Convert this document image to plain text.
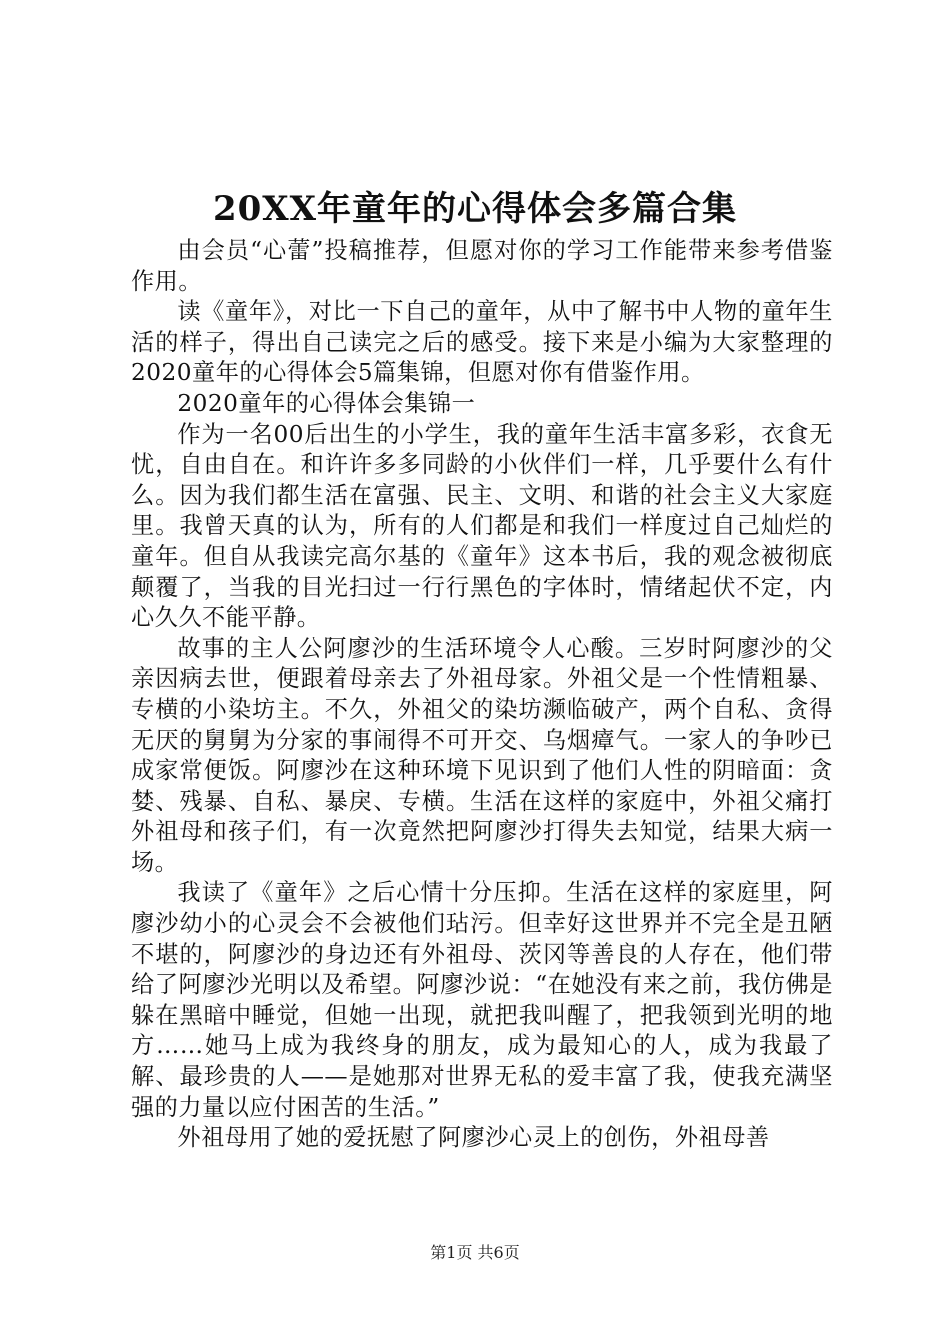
20XX年童年的心得体会多篇合集

由会员“心蕾”投稿推荐，但愿对你的学习工作能带来参考借鉴作用。

读《童年》，对比一下自己的童年，从中了解书中人物的童年生活的样子，得出自己读完之后的感受。接下来是小编为大家整理的2020童年的心得体会5篇集锦，但愿对你有借鉴作用。

2020童年的心得体会集锦一

作为一名00后出生的小学生，我的童年生活丰富多彩，衣食无忧，自由自在。和许许多多同龄的小伙伴们一样，几乎要什么有什么。因为我们都生活在富强、民主、文明、和谐的社会主义大家庭里。我曾天真的认为，所有的人们都是和我们一样度过自己灿烂的童年。但自从我读完高尔基的《童年》这本书后，我的观念被彻底颠覆了，当我的目光扫过一行行黑色的字体时，情绪起伏不定，内心久久不能平静。

故事的主人公阿廖沙的生活环境令人心酸。三岁时阿廖沙的父亲因病去世，便跟着母亲去了外祖母家。外祖父是一个性情粗暴、专横的小染坊主。不久，外祖父的染坊濒临破产，两个自私、贪得无厌的舅舅为分家的事闹得不可开交、乌烟瘴气。一家人的争吵已成家常便饭。阿廖沙在这种环境下见识到了他们人性的阴暗面：贪婪、残暴、自私、暴戾、专横。生活在这样的家庭中，外祖父痛打外祖母和孩子们，有一次竟然把阿廖沙打得失去知觉，结果大病一场。

我读了《童年》之后心情十分压抑。生活在这样的家庭里，阿廖沙幼小的心灵会不会被他们玷污。但幸好这世界并不完全是丑陋不堪的，阿廖沙的身边还有外祖母、茨冈等善良的人存在，他们带给了阿廖沙光明以及希望。阿廖沙说：“在她没有来之前，我仿佛是躲在黑暗中睡觉，但她一出现，就把我叫醒了，把我领到光明的地方……她马上成为我终身的朋友，成为最知心的人，成为我最了解、最珍贵的人——是她那对世界无私的爱丰富了我，使我充满坚强的力量以应付困苦的生活。”

外祖母用了她的爱抚慰了阿廖沙心灵上的创伤，外祖母善

第1页 共6页
